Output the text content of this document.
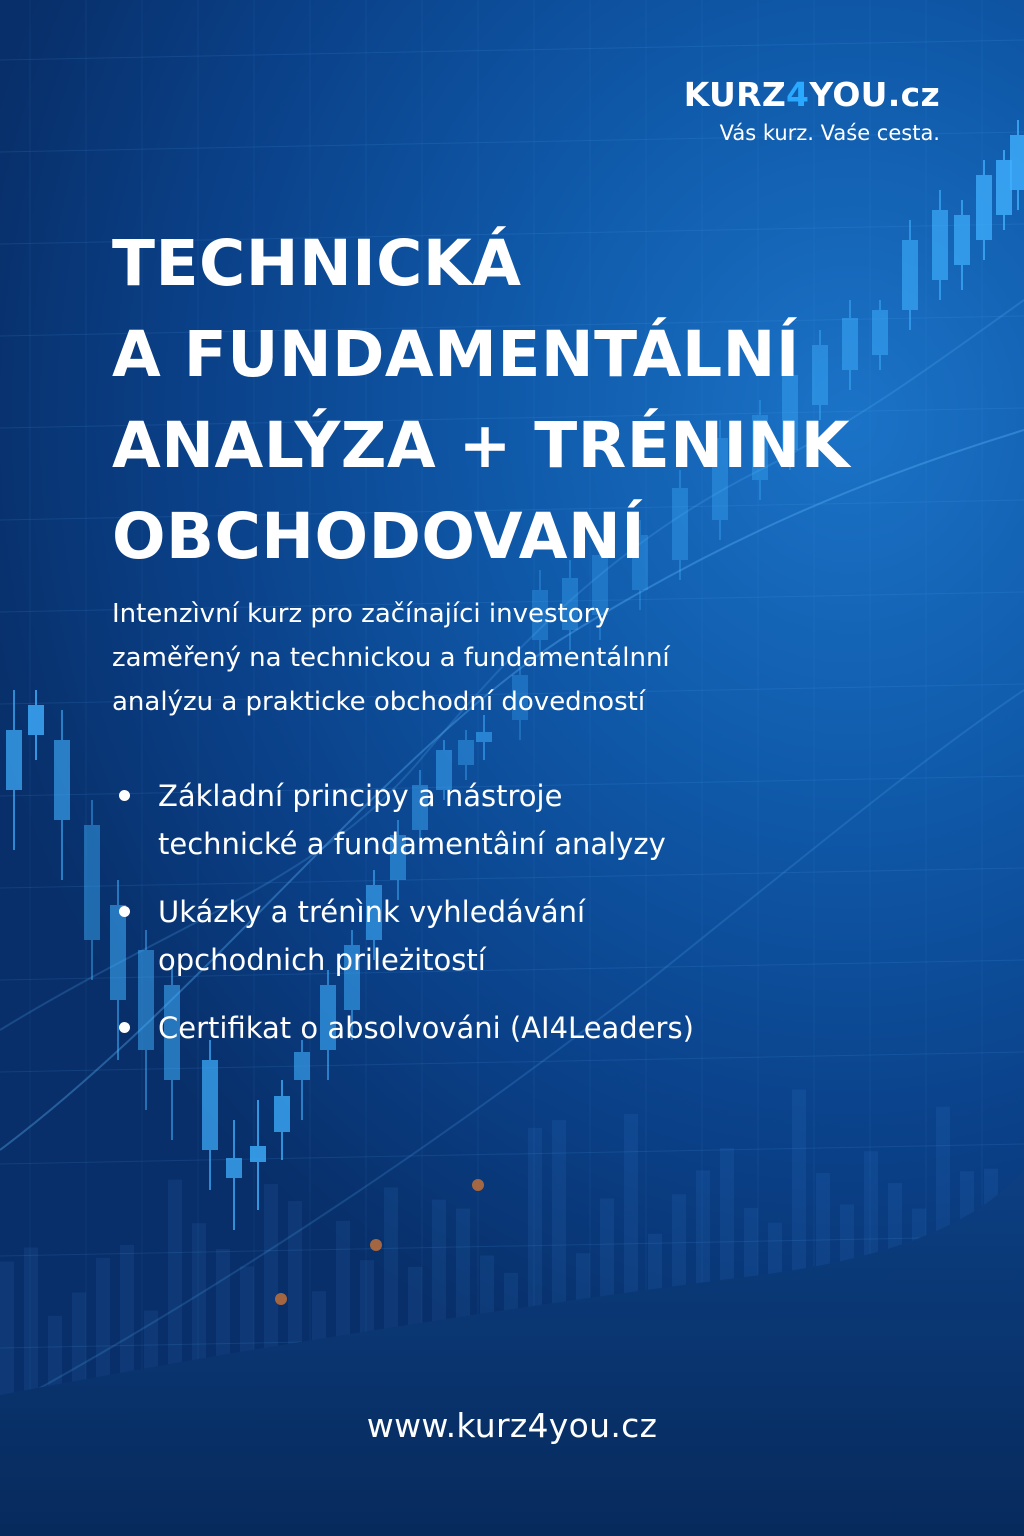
KURZ4YOU.cz
Vás kurz. Vaśe cesta.
TECHNICKÁ
A FUNDAMENTÁLNÍ
ANALÝZA + TRÉNINK
OBCHODOVANÍ

Intenzìvní kurz pro začínajíci investory
zaměřený na technickou a fundamentálnní
analýzu a prakticke obchodní dovedností

Základní principy a nástroje
technické a fundamentâiní analyzy
Ukázky a trénìnk vyhledávání
opchodnich prileżitostí
Certifikat o absolvováni (AI4Leaders)
www.kurz4you.cz
